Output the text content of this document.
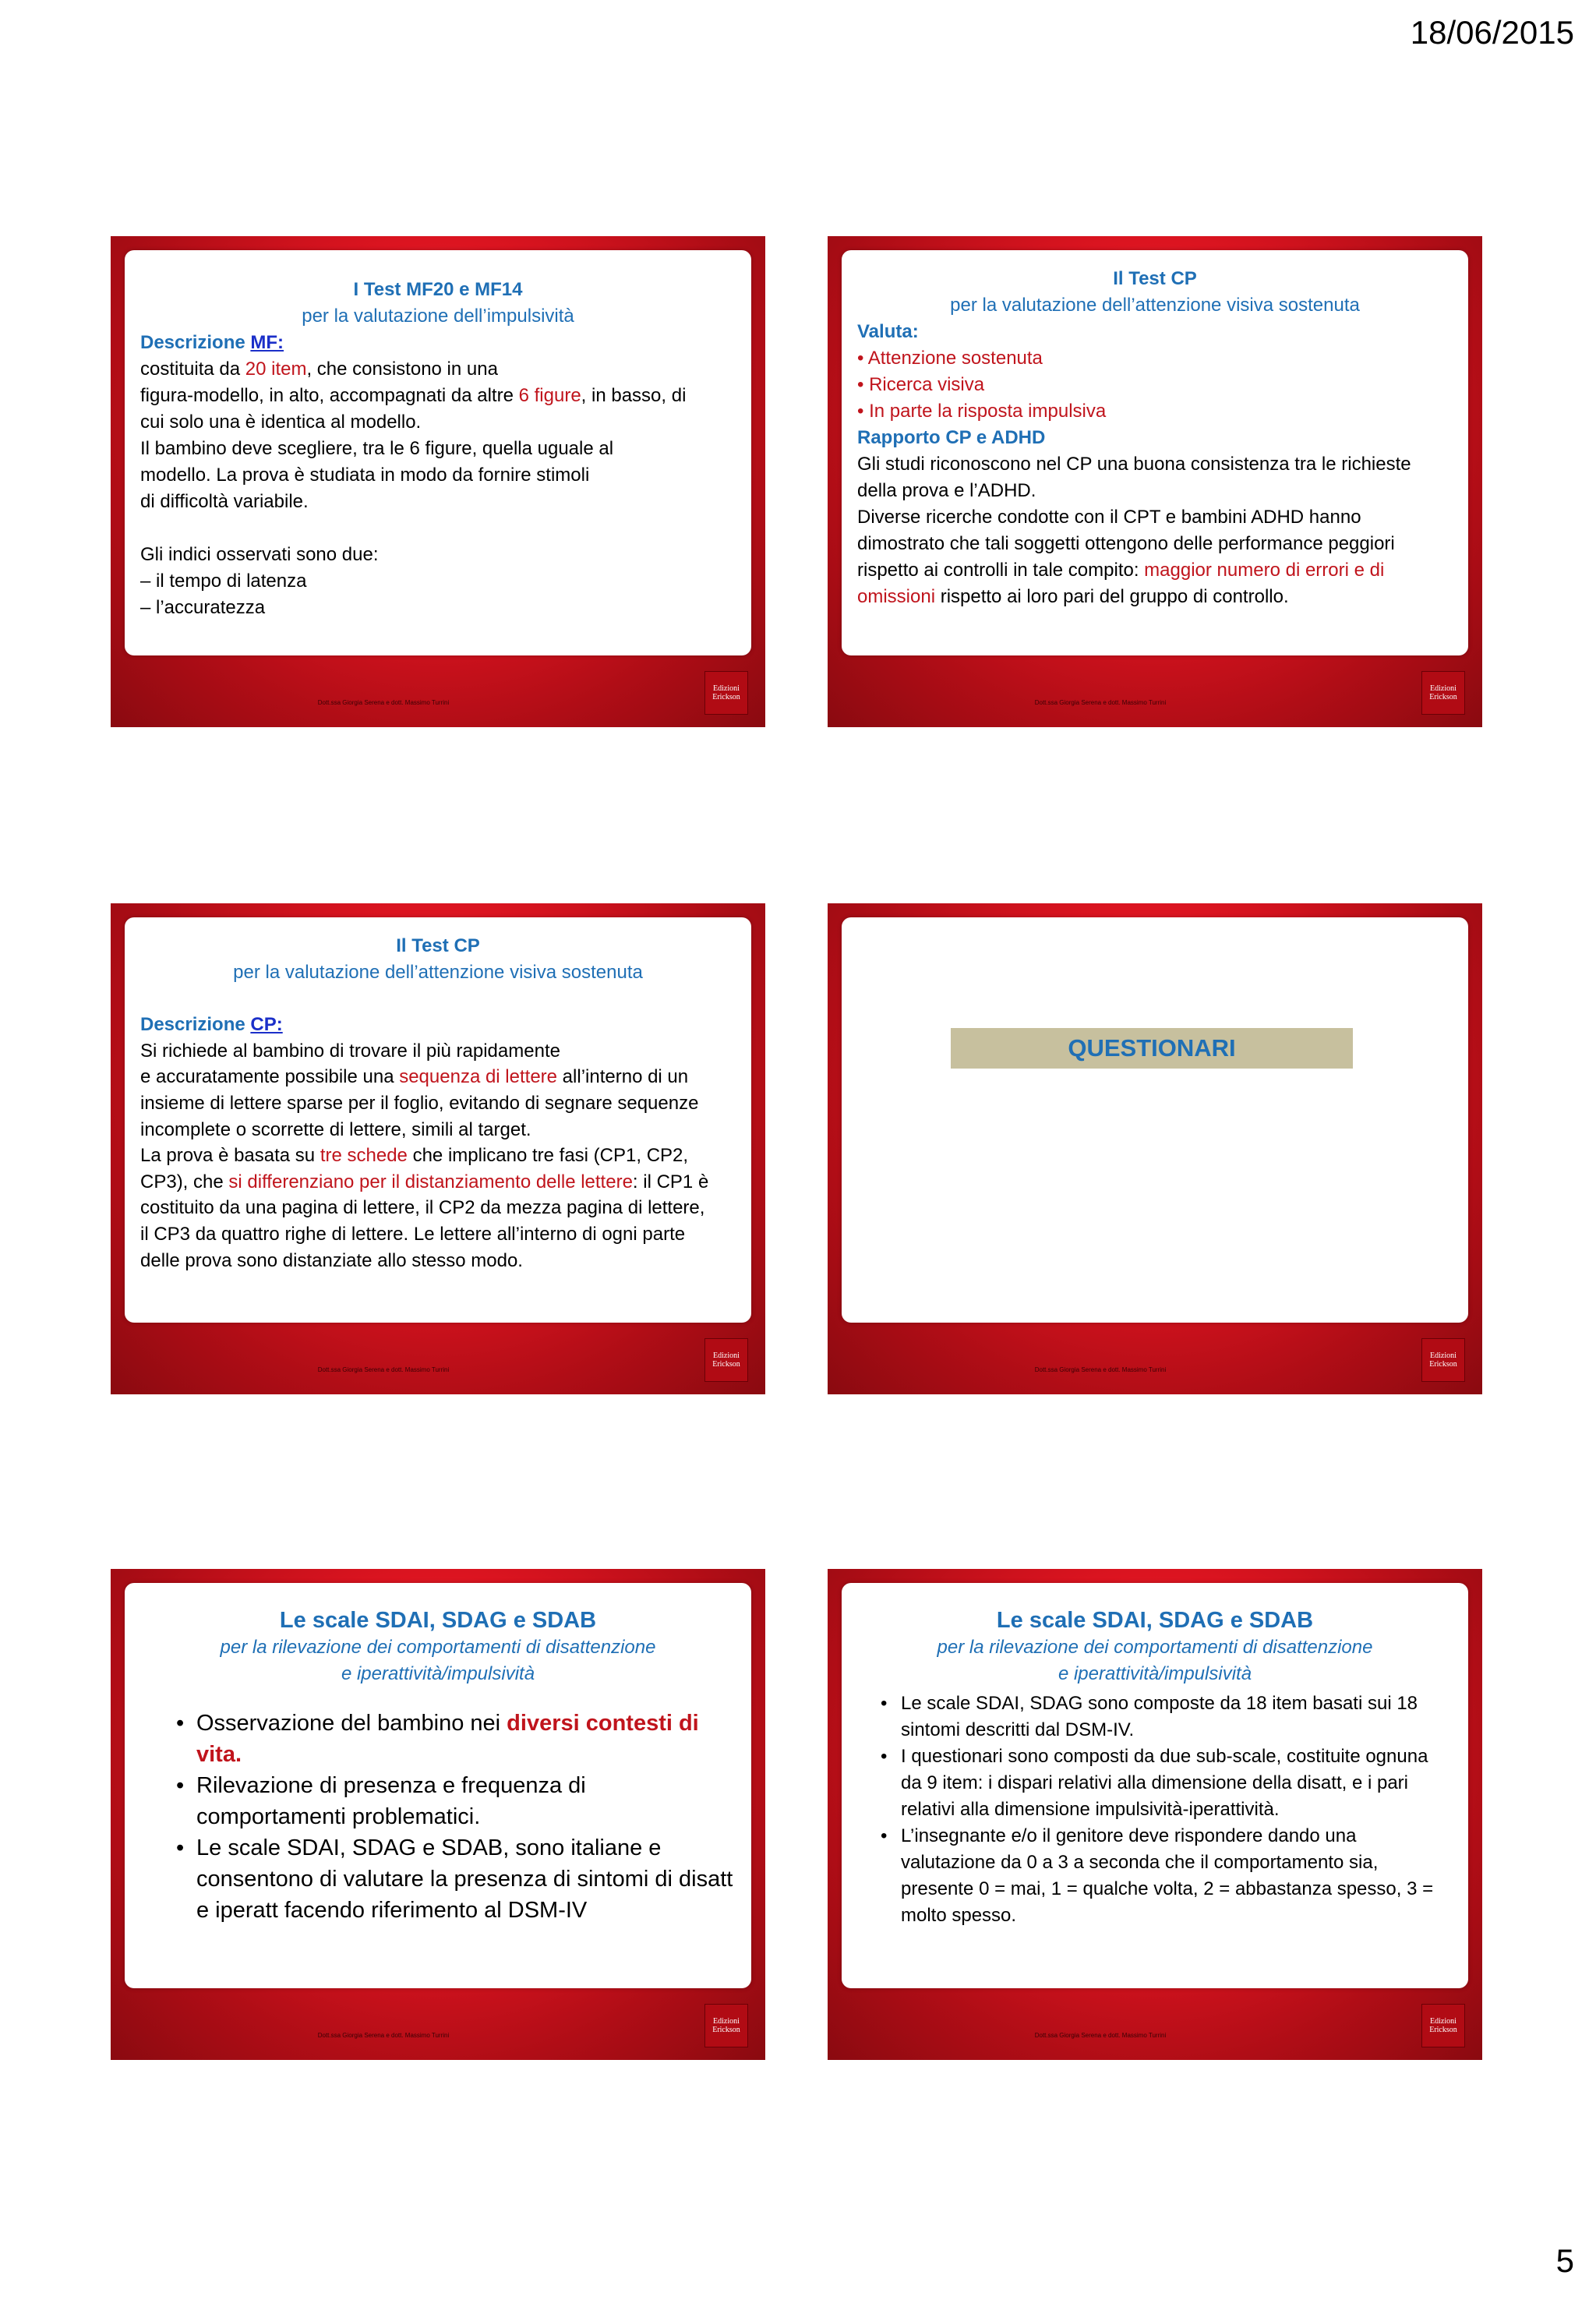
18/06/2015
I Test MF20 e MF14
per la valutazione dell’impulsività
Descrizione MF:
costituita da 20 item, che consistono in una
figura-modello, in alto, accompagnati da altre 6 figure, in basso, di
cui solo una è identica al modello.
Il bambino deve scegliere, tra le 6 figure, quella uguale al
modello. La prova è studiata in modo da fornire stimoli
di difficoltà variabile.
Gli indici osservati sono due:
– il tempo di latenza
– l’accuratezza
Dott.ssa Giorgia Serena e dott. Massimo Turrini
Edizioni
Erickson
Il Test CP
per la valutazione dell’attenzione visiva sostenuta
Valuta:
• Attenzione sostenuta
• Ricerca visiva
• In parte la risposta impulsiva
Rapporto CP e ADHD
Gli studi riconoscono nel CP una buona consistenza tra le richieste
della prova e l’ADHD.
Diverse ricerche condotte con il CPT e bambini ADHD hanno
dimostrato che tali soggetti ottengono delle performance peggiori
rispetto ai controlli in tale compito: maggior numero di errori e di
omissioni rispetto ai loro pari del gruppo di controllo.
Dott.ssa Giorgia Serena e dott. Massimo Turrini
Edizioni
Erickson
Il Test CP
per la valutazione dell’attenzione visiva sostenuta
Descrizione CP:
Si richiede al bambino di trovare il più rapidamente
e accuratamente possibile una sequenza di lettere all’interno di un
insieme di lettere sparse per il foglio, evitando di segnare sequenze
incomplete o scorrette di lettere, simili al target.
La prova è basata su tre schede che implicano tre fasi (CP1, CP2,
CP3), che si differenziano per il distanziamento delle lettere: il CP1 è
costituito da una pagina di lettere, il CP2 da mezza pagina di lettere,
il CP3 da quattro righe di lettere. Le lettere all’interno di ogni parte
delle prova sono distanziate allo stesso modo.
Dott.ssa Giorgia Serena e dott. Massimo Turrini
Edizioni
Erickson
QUESTIONARI
Dott.ssa Giorgia Serena e dott. Massimo Turrini
Edizioni
Erickson
Le scale SDAI, SDAG e SDAB
per la rilevazione dei comportamenti di disattenzione
e iperattività/impulsività
• Osservazione del bambino nei diversi contesti di vita.
• Rilevazione di presenza e frequenza di comportamenti problematici.
• Le scale SDAI, SDAG e SDAB, sono italiane e consentono di valutare la presenza di sintomi di disatt e iperatt facendo riferimento al DSM-IV
Dott.ssa Giorgia Serena e dott. Massimo Turrini
Edizioni
Erickson
Le scale SDAI, SDAG e SDAB
per la rilevazione dei comportamenti di disattenzione
e iperattività/impulsività
• Le scale SDAI, SDAG sono composte da 18 item basati sui 18 sintomi descritti dal DSM-IV.
• I questionari sono composti da due sub-scale, costituite ognuna da 9 item: i dispari relativi alla dimensione della disatt, e i pari relativi alla dimensione impulsività-iperattività.
• L’insegnante e/o il genitore deve rispondere dando una valutazione da 0 a 3 a seconda che il comportamento sia, presente 0 = mai, 1 = qualche volta, 2 = abbastanza spesso, 3 = molto spesso.
Dott.ssa Giorgia Serena e dott. Massimo Turrini
Edizioni
Erickson
5
